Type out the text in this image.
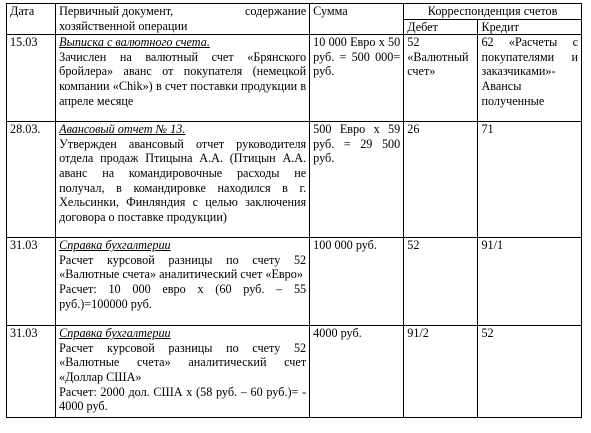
Дата	Первичный документ, содержание
хозяйственной операции	Сумма	Корреспонденция счетов	
			Дебет	Кредит
15.03	Выписка с валютного счета.
Зачислен на валютный счет «Брянского бройлера» аванс от покупателя (немецкой компании «Chik») в счет поставки продукции в апреле месяце	10 000 Евро х 50 руб. = 500 000= руб.	52 «Валютный счет»	62 «Расчеты с покупателями и заказчиками»- Авансы полученные

28.03.	Авансовый отчет № 13.
Утвержден авансовый отчет руководителя отдела продаж Птицына А.А. (Птицын А.А. аванс на командировочные расходы не получал, в командировке находился в г. Хельсинки, Финляндия с целью заключения договора о поставке продукции)	500 Евро х 59 руб. = 29 500 руб.	26	71
31.03	Справка бухгалтерии
Расчет курсовой разницы по счету 52 «Валютные счета» аналитический счет «Евро»
Расчет: 10 000 евро х (60 руб. – 55 руб.)=100000 руб.	100 000 руб.	52	91/1
31.03	Справка бухгалтерии
Расчет курсовой разницы по счету 52 «Валютные счета» аналитический счет «Доллар США»
Расчет: 2000 дол. США х (58 руб. – 60 руб.)= - 4000 руб.	4000 руб.	91/2	52
